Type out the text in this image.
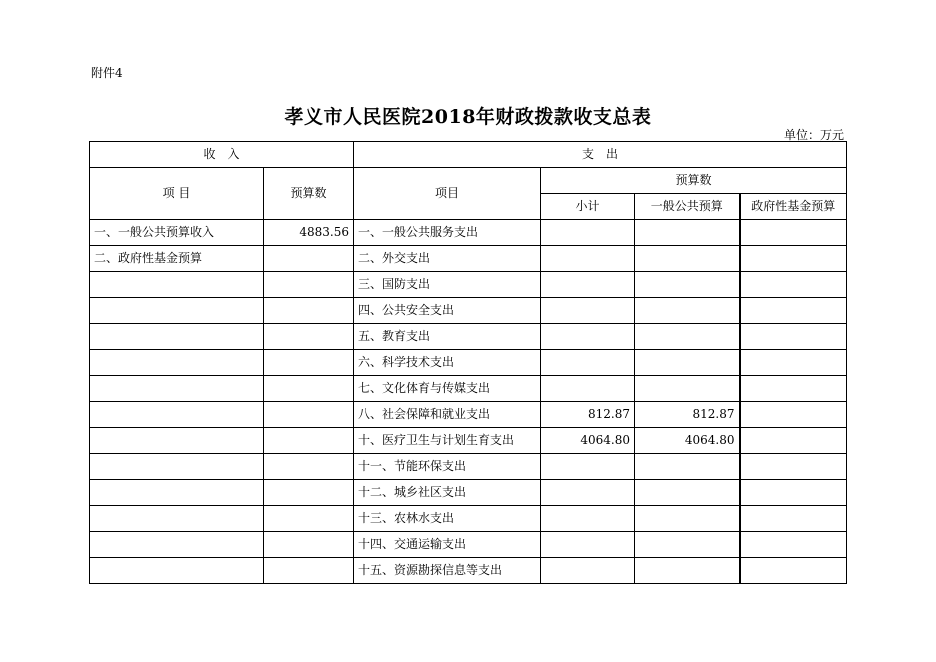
附件4
孝义市人民医院2018年财政拨款收支总表
单位：万元
收　入		支　出			
项 目	预算数	项目	预算数		
			小计	一般公共预算	政府性基金预算
一、一般公共预算收入	4883.56	一、一般公共服务支出			
二、政府性基金预算		二、外交支出			
		三、国防支出			
		四、公共安全支出			
		五、教育支出			
		六、科学技术支出			
		七、文化体育与传媒支出			
		八、社会保障和就业支出	812.87	812.87	
		十、医疗卫生与计划生育支出	4064.80	4064.80	
		十一、节能环保支出			
		十二、城乡社区支出			
		十三、农林水支出			
		十四、交通运输支出			
		十五、资源勘探信息等支出			
